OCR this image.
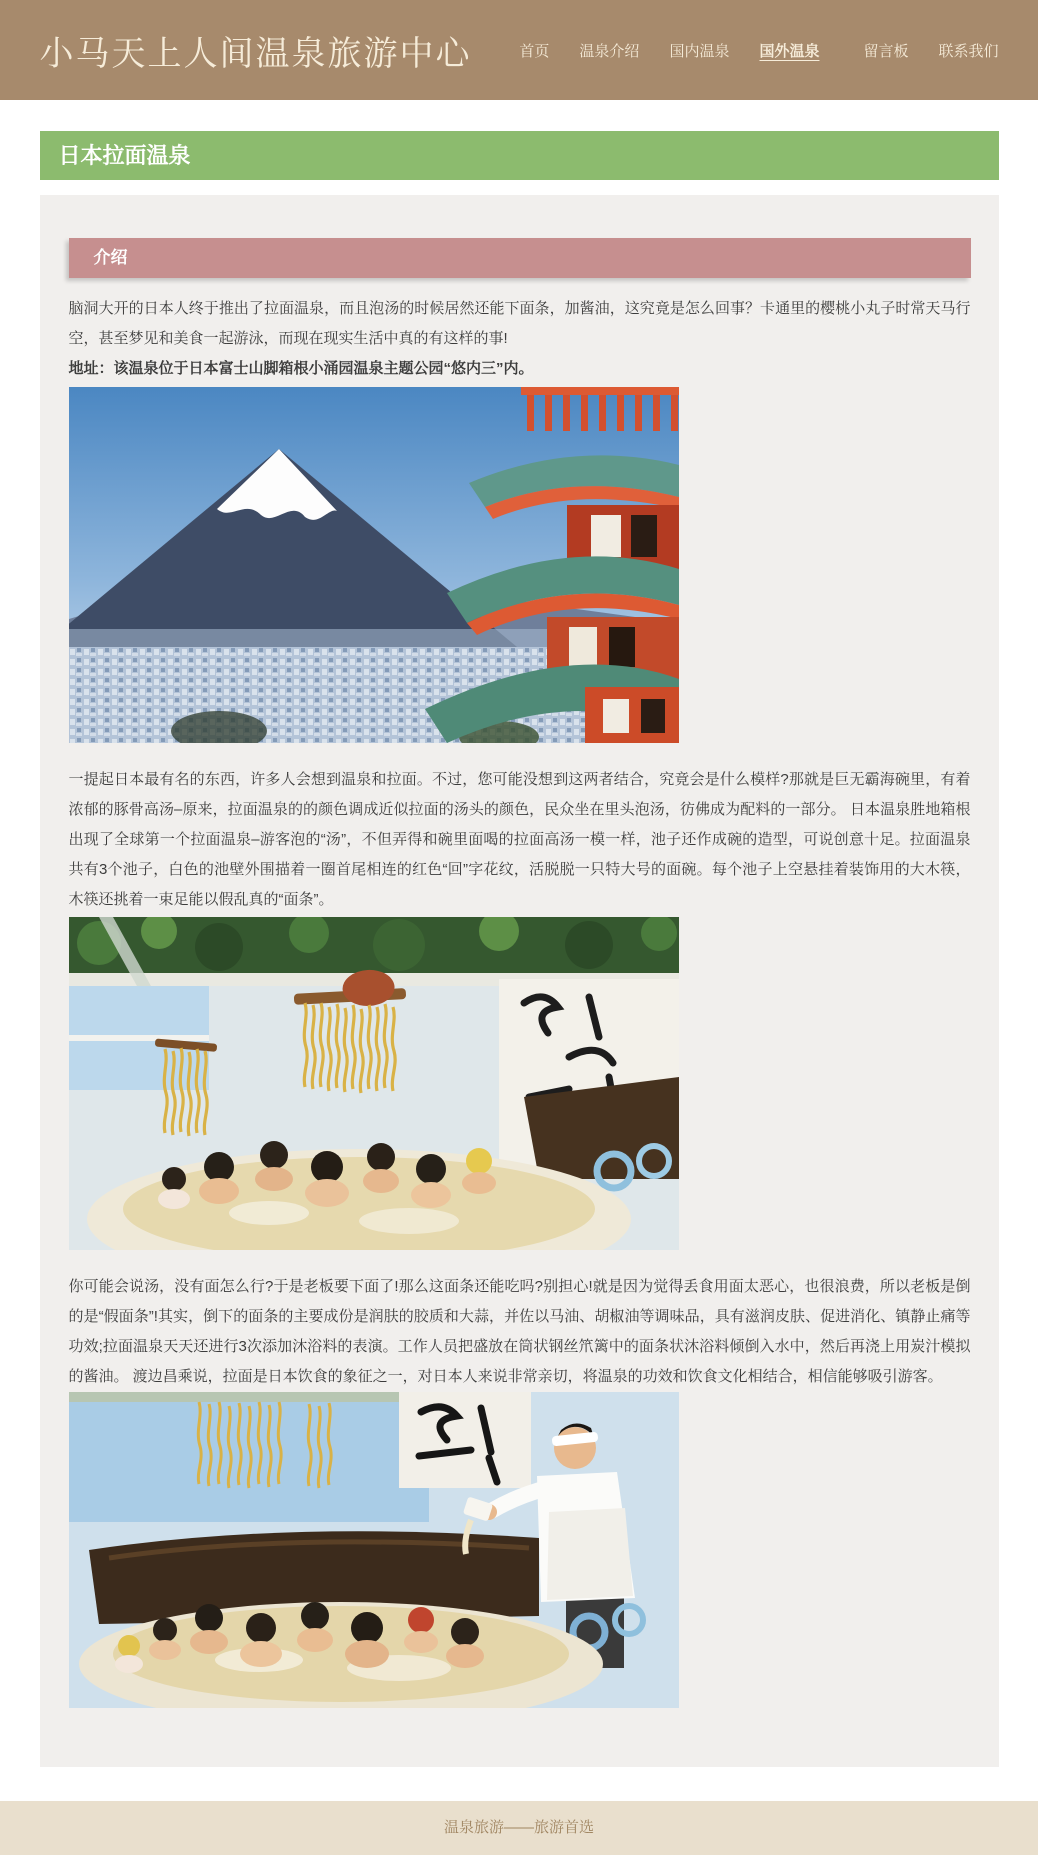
小马天上人间温泉旅游中心	首页 温泉介绍 国内温泉 国外温泉	留言板 联系我们
日本拉面温泉
介绍

脑洞大开的日本人终于推出了拉面温泉，而且泡汤的时候居然还能下面条，加酱油，这究竟是怎么回事？卡通里的樱桃小丸子时常天马行空，甚至梦见和美食一起游泳，而现在现实生活中真的有这样的事!

地址：该温泉位于日本富士山脚箱根小涌园温泉主题公园“悠内三”内。

一提起日本最有名的东西，许多人会想到温泉和拉面。不过，您可能没想到这两者结合，究竟会是什么模样?那就是巨无霸海碗里，有着浓郁的豚骨高汤–原来，拉面温泉的的颜色调成近似拉面的汤头的颜色，民众坐在里头泡汤，彷佛成为配料的一部分。 日本温泉胜地箱根出现了全球第一个拉面温泉–游客泡的“汤”，不但弄得和碗里面喝的拉面高汤一模一样，池子还作成碗的造型，可说创意十足。拉面温泉共有3个池子，白色的池壁外围描着一圈首尾相连的红色“回”字花纹，活脱脱一只特大号的面碗。每个池子上空悬挂着装饰用的大木筷，木筷还挑着一束足能以假乱真的“面条”。

你可能会说汤，没有面怎么行?于是老板要下面了!那么这面条还能吃吗?别担心!就是因为觉得丢食用面太恶心，也很浪费，所以老板是倒的是“假面条”!其实，倒下的面条的主要成份是润肤的胶质和大蒜，并佐以马油、胡椒油等调味品，具有滋润皮肤、促进消化、镇静止痛等功效;拉面温泉天天还进行3次添加沐浴料的表演。工作人员把盛放在筒状钢丝笊篱中的面条状沐浴料倾倒入水中，然后再浇上用炭汁模拟的酱油。 渡边昌乘说，拉面是日本饮食的象征之一，对日本人来说非常亲切，将温泉的功效和饮食文化相结合，相信能够吸引游客。

温泉旅游——旅游首选
